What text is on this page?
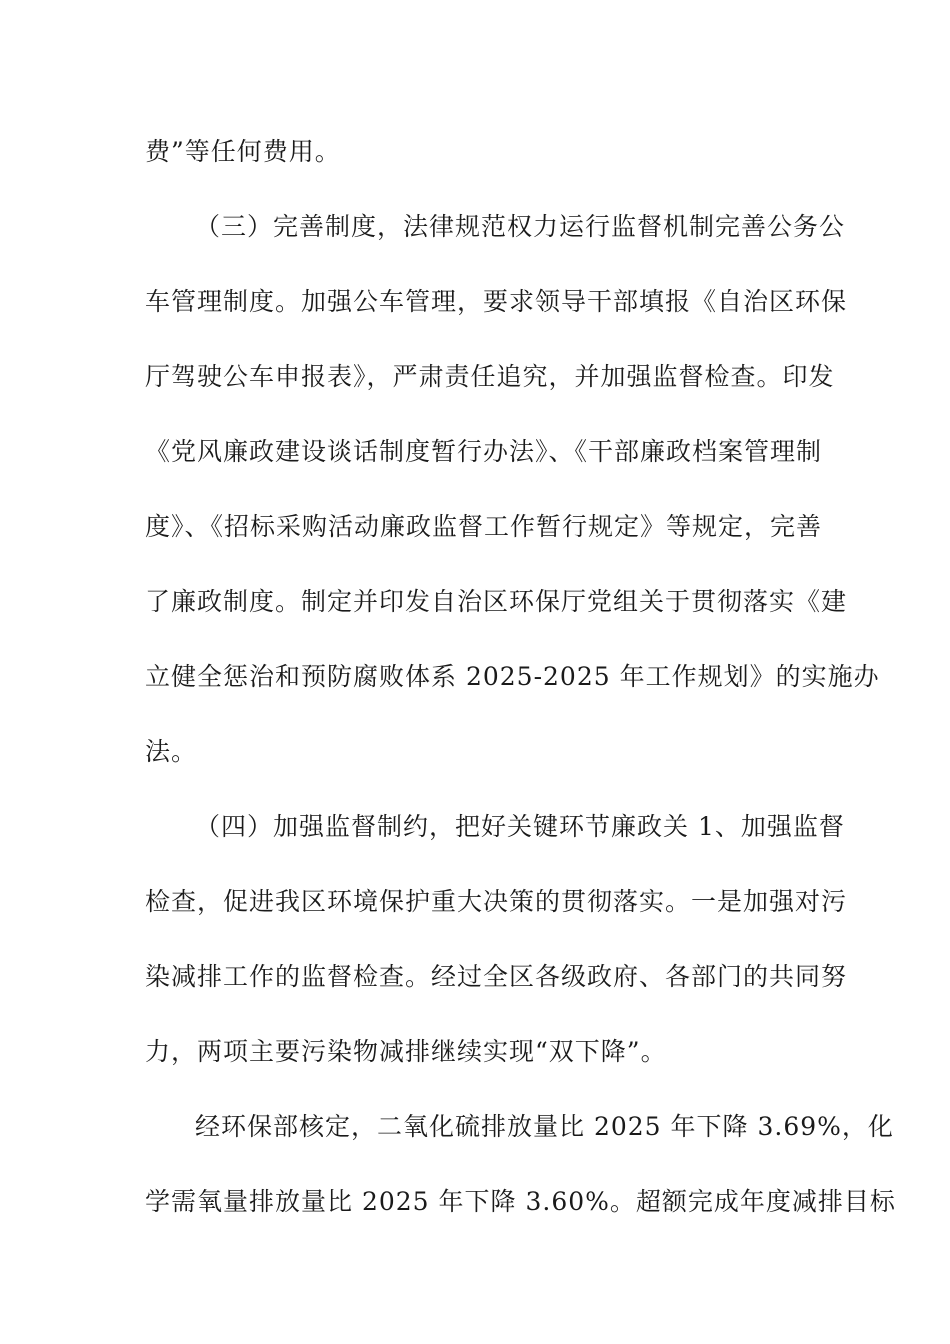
费”等任何费用。
（三）完善制度，法律规范权力运行监督机制完善公务公
车管理制度。加强公车管理，要求领导干部填报《自治区环保
厅驾驶公车申报表》，严肃责任追究，并加强监督检查。印发
《党风廉政建设谈话制度暂行办法》、《干部廉政档案管理制
度》、《招标采购活动廉政监督工作暂行规定》等规定，完善
了廉政制度。制定并印发自治区环保厅党组关于贯彻落实《建
立健全惩治和预防腐败体系 2025-2025 年工作规划》的实施办
法。
（四）加强监督制约，把好关键环节廉政关 1、加强监督
检查，促进我区环境保护重大决策的贯彻落实。一是加强对污
染减排工作的监督检查。经过全区各级政府、各部门的共同努
力，两项主要污染物减排继续实现“双下降”。
经环保部核定，二氧化硫排放量比 2025 年下降 3.69%，化
学需氧量排放量比 2025 年下降 3.60%。超额完成年度减排目标
